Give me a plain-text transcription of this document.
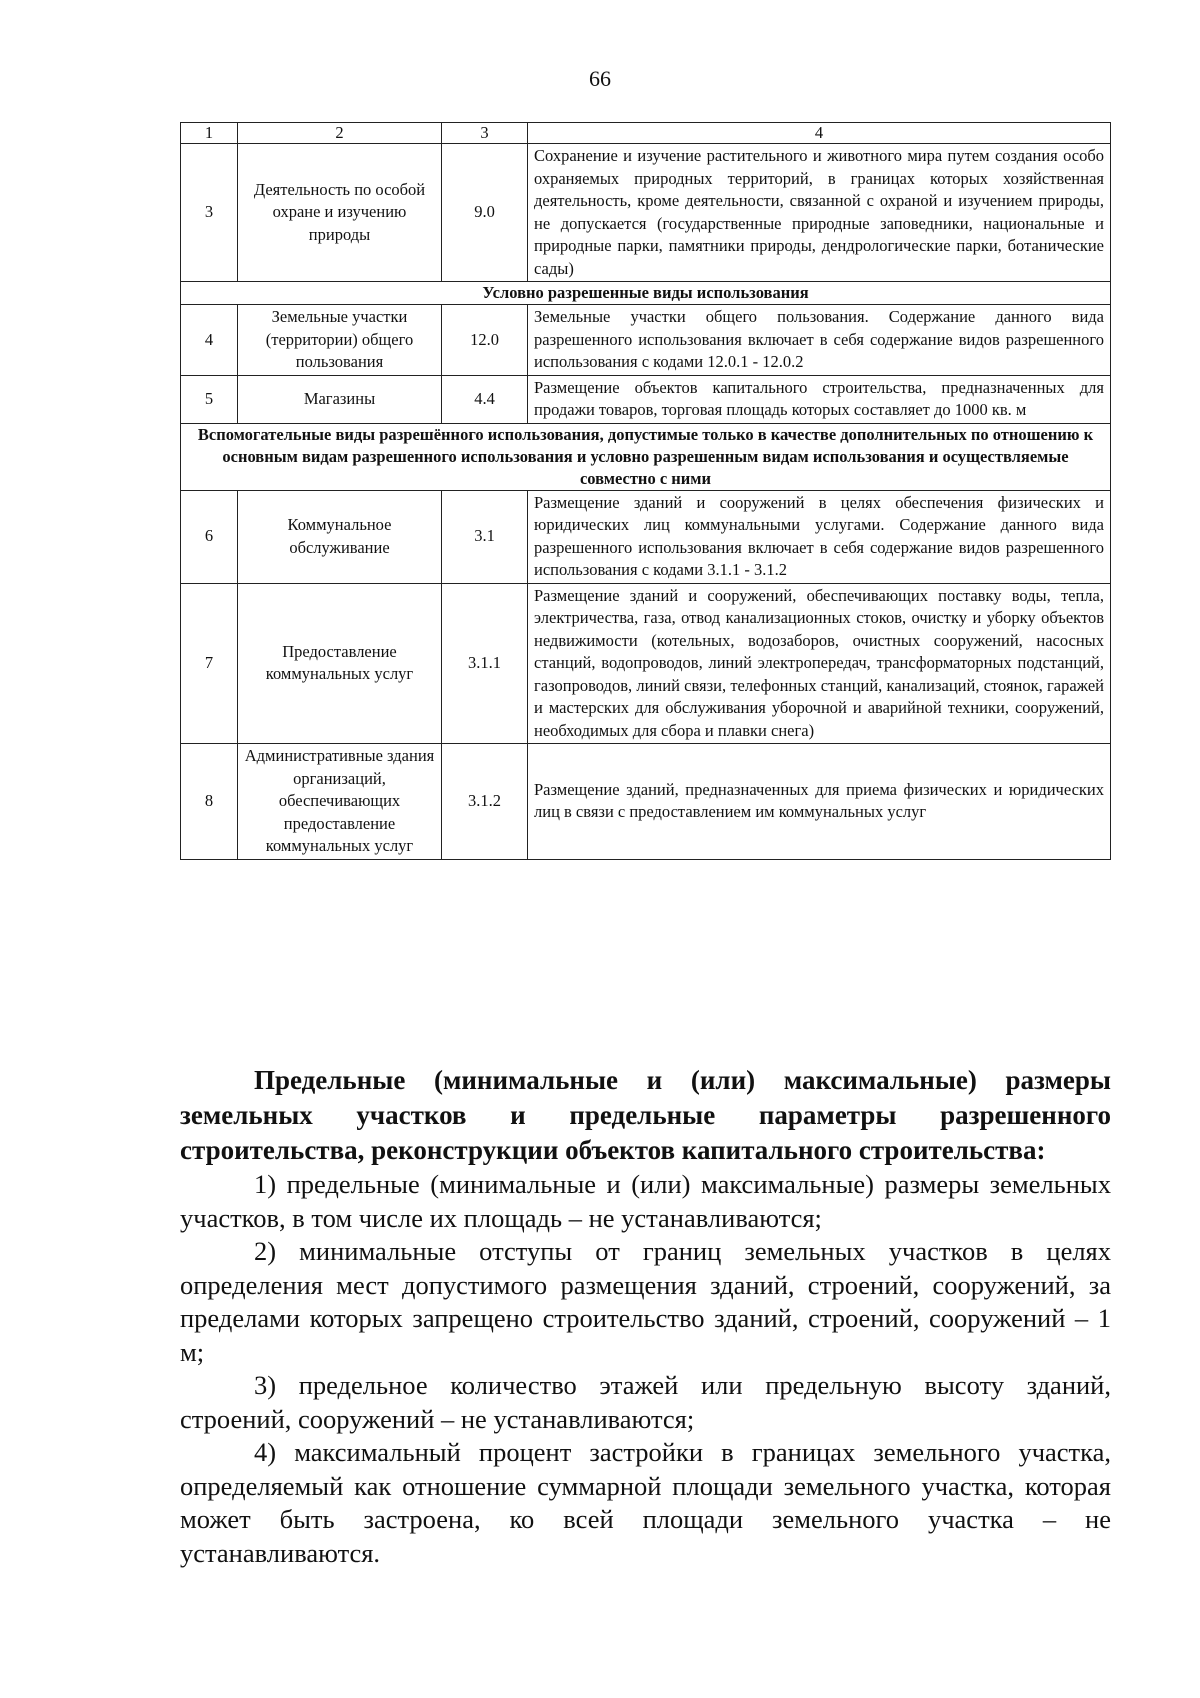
66
1	2	3	4
3	Деятельность по особой охране и изучению природы	9.0	Сохранение и изучение растительного и животного мира путем создания особо охраняемых природных территорий, в границах которых хозяйственная деятельность, кроме деятельности, связанной с охраной и изучением природы, не допускается (государственные природные заповедники, национальные и природные парки, памятники природы, дендрологические парки, ботанические сады)
Условно разрешенные виды использования			
4	Земельные участки (территории) общего пользования	12.0	Земельные участки общего пользования. Содержание данного вида разрешенного использования включает в себя содержание видов разрешенного использования с кодами 12.0.1 - 12.0.2
5	Магазины	4.4	Размещение объектов капитального строительства, предназначенных для продажи товаров, торговая площадь которых составляет до 1000 кв. м
Вспомогательные виды разрешённого использования, допустимые только в качестве дополнительных по отношению к основным видам разрешенного использования и условно разрешенным видам использования и осуществляемые совместно с ними			
6	Коммунальное обслуживание	3.1	Размещение зданий и сооружений в целях обеспечения физических и юридических лиц коммунальными услугами. Содержание данного вида разрешенного использования включает в себя содержание видов разрешенного использования с кодами 3.1.1 - 3.1.2
7	Предоставление коммунальных услуг	3.1.1	Размещение зданий и сооружений, обеспечивающих поставку воды, тепла, электричества, газа, отвод канализационных стоков, очистку и уборку объектов недвижимости (котельных, водозаборов, очистных сооружений, насосных станций, водопроводов, линий электропередач, трансформаторных подстанций, газопроводов, линий связи, телефонных станций, канализаций, стоянок, гаражей и мастерских для обслуживания уборочной и аварийной техники, сооружений, необходимых для сбора и плавки снега)
8	Административные здания организаций, обеспечивающих предоставление коммунальных услуг	3.1.2	Размещение зданий, предназначенных для приема физических и юридических лиц в связи с предоставлением им коммунальных услуг

Предельные (минимальные и (или) максимальные) размеры земельных участков и предельные параметры разрешенного строительства, реконструкции объектов капитального строительства:

1) предельные (минимальные и (или) максимальные) размеры земельных участков, в том числе их площадь – не устанавливаются;

2) минимальные отступы от границ земельных участков в целях определения мест допустимого размещения зданий, строений, сооружений, за пределами которых запрещено строительство зданий, строений, сооружений – 1 м;

3) предельное количество этажей или предельную высоту зданий, строений, сооружений – не устанавливаются;

4) максимальный процент застройки в границах земельного участка, определяемый как отношение суммарной площади земельного участка, которая может быть застроена, ко всей площади земельного участка – не устанавливаются.
